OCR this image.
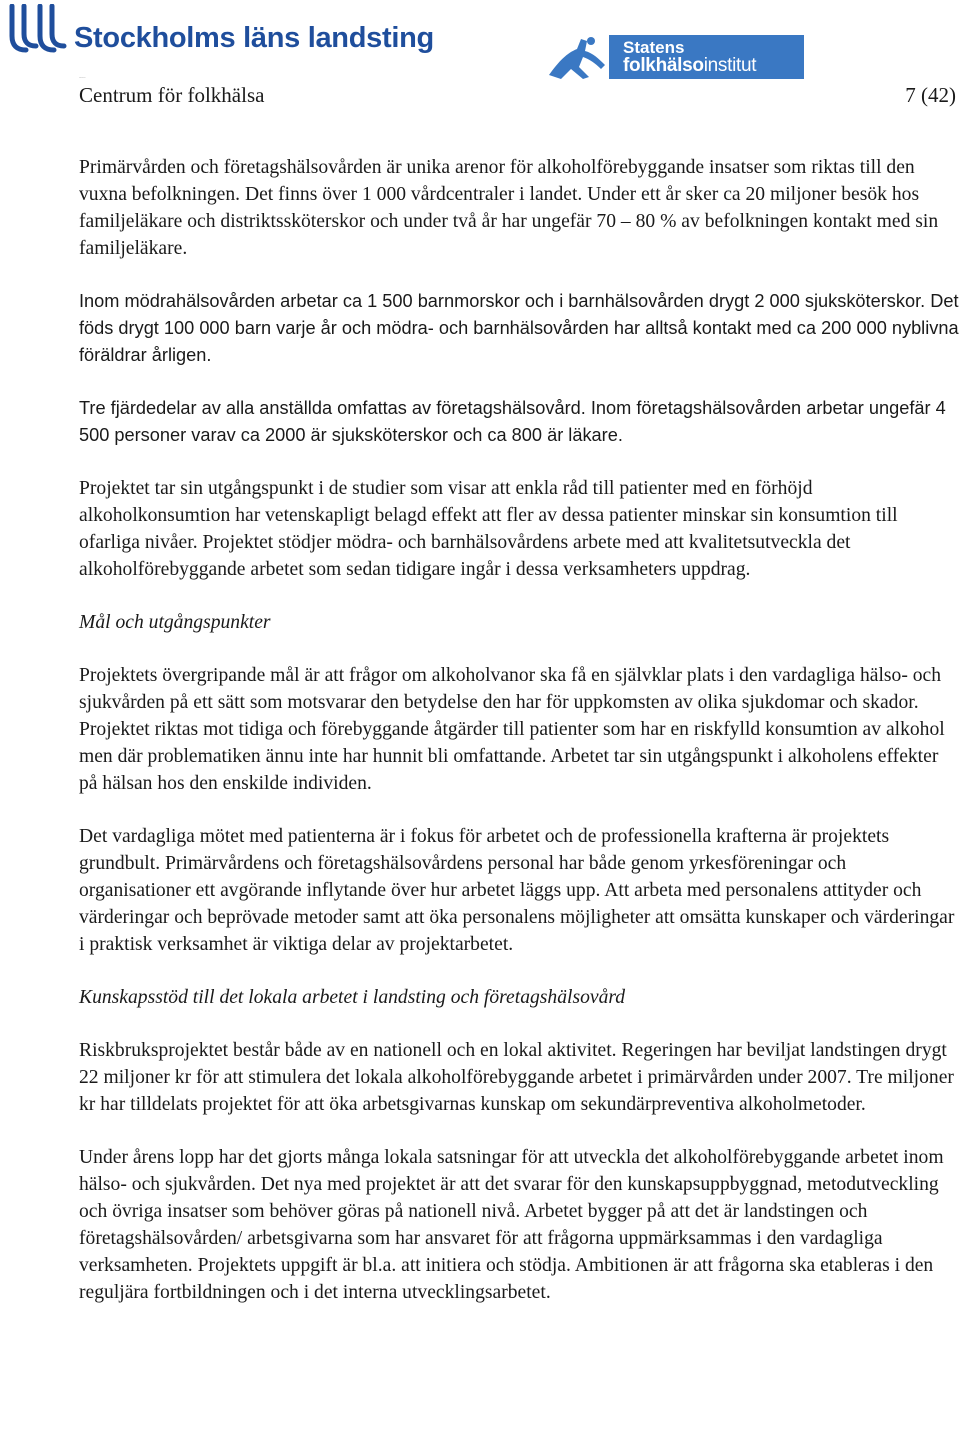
Stockholms läns landsting	Statens
folkhälsoinstitut
~~~
Centrum för folkhälsa	7 (42)

Primärvården och företagshälsovården är unika arenor för alkoholförebyggande insatser som riktas till den vuxna befolkningen. Det finns över 1 000 vårdcentraler i landet. Under ett år sker ca 20 miljoner besök hos familjeläkare och distriktssköterskor och under två år har ungefär 70 – 80 % av befolkningen kontakt med sin familjeläkare.

Inom mödrahälsovården arbetar ca 1 500 barnmorskor och i barnhälsovården drygt 2 000 sjuksköterskor. Det föds drygt 100 000 barn varje år och mödra- och barnhälsovården har alltså kontakt med ca 200 000 nyblivna föräldrar årligen.

Tre fjärdedelar av alla anställda omfattas av företagshälsovård. Inom företagshälsovården arbetar ungefär 4 500 personer varav ca 2000 är sjuksköterskor och ca 800 är läkare.

Projektet tar sin utgångspunkt i de studier som visar att enkla råd till patienter med en förhöjd alkoholkonsumtion har vetenskapligt belagd effekt att fler av dessa patienter minskar sin konsumtion till ofarliga nivåer. Projektet stödjer mödra- och barnhälsovårdens arbete med att kvalitetsutveckla det alkoholförebyggande arbetet som sedan tidigare ingår i dessa verksamheters uppdrag.

Mål och utgångspunkter

Projektets övergripande mål är att frågor om alkoholvanor ska få en självklar plats i den vardagliga hälso- och sjukvården på ett sätt som motsvarar den betydelse den har för uppkomsten av olika sjukdomar och skador. Projektet riktas mot tidiga och förebyggande åtgärder till patienter som har en riskfylld konsumtion av alkohol men där problematiken ännu inte har hunnit bli omfattande. Arbetet tar sin utgångspunkt i alkoholens effekter på hälsan hos den enskilde individen.

Det vardagliga mötet med patienterna är i fokus för arbetet och de professionella krafterna är projektets grundbult. Primärvårdens och företagshälsovårdens personal har både genom yrkesföreningar och organisationer ett avgörande inflytande över hur arbetet läggs upp. Att arbeta med personalens attityder och värderingar och beprövade metoder samt att öka personalens möjligheter att omsätta kunskaper och värderingar i praktisk verksamhet är viktiga delar av projektarbetet.

Kunskapsstöd till det lokala arbetet i landsting och företagshälsovård

Riskbruksprojektet består både av en nationell och en lokal aktivitet. Regeringen har beviljat landstingen drygt 22 miljoner kr för att stimulera det lokala alkoholförebyggande arbetet i primärvården under 2007. Tre miljoner kr har tilldelats projektet för att öka arbetsgivarnas kunskap om sekundärpreventiva alkoholmetoder.

Under årens lopp har det gjorts många lokala satsningar för att utveckla det alkoholförebyggande arbetet inom hälso- och sjukvården. Det nya med projektet är att det svarar för den kunskapsuppbyggnad, metodutveckling och övriga insatser som behöver göras på nationell nivå. Arbetet bygger på att det är landstingen och företagshälsovården/ arbetsgivarna som har ansvaret för att frågorna uppmärksammas i den vardagliga verksamheten. Projektets uppgift är bl.a. att initiera och stödja. Ambitionen är att frågorna ska etableras i den reguljära fortbildningen och i det interna utvecklingsarbetet.
